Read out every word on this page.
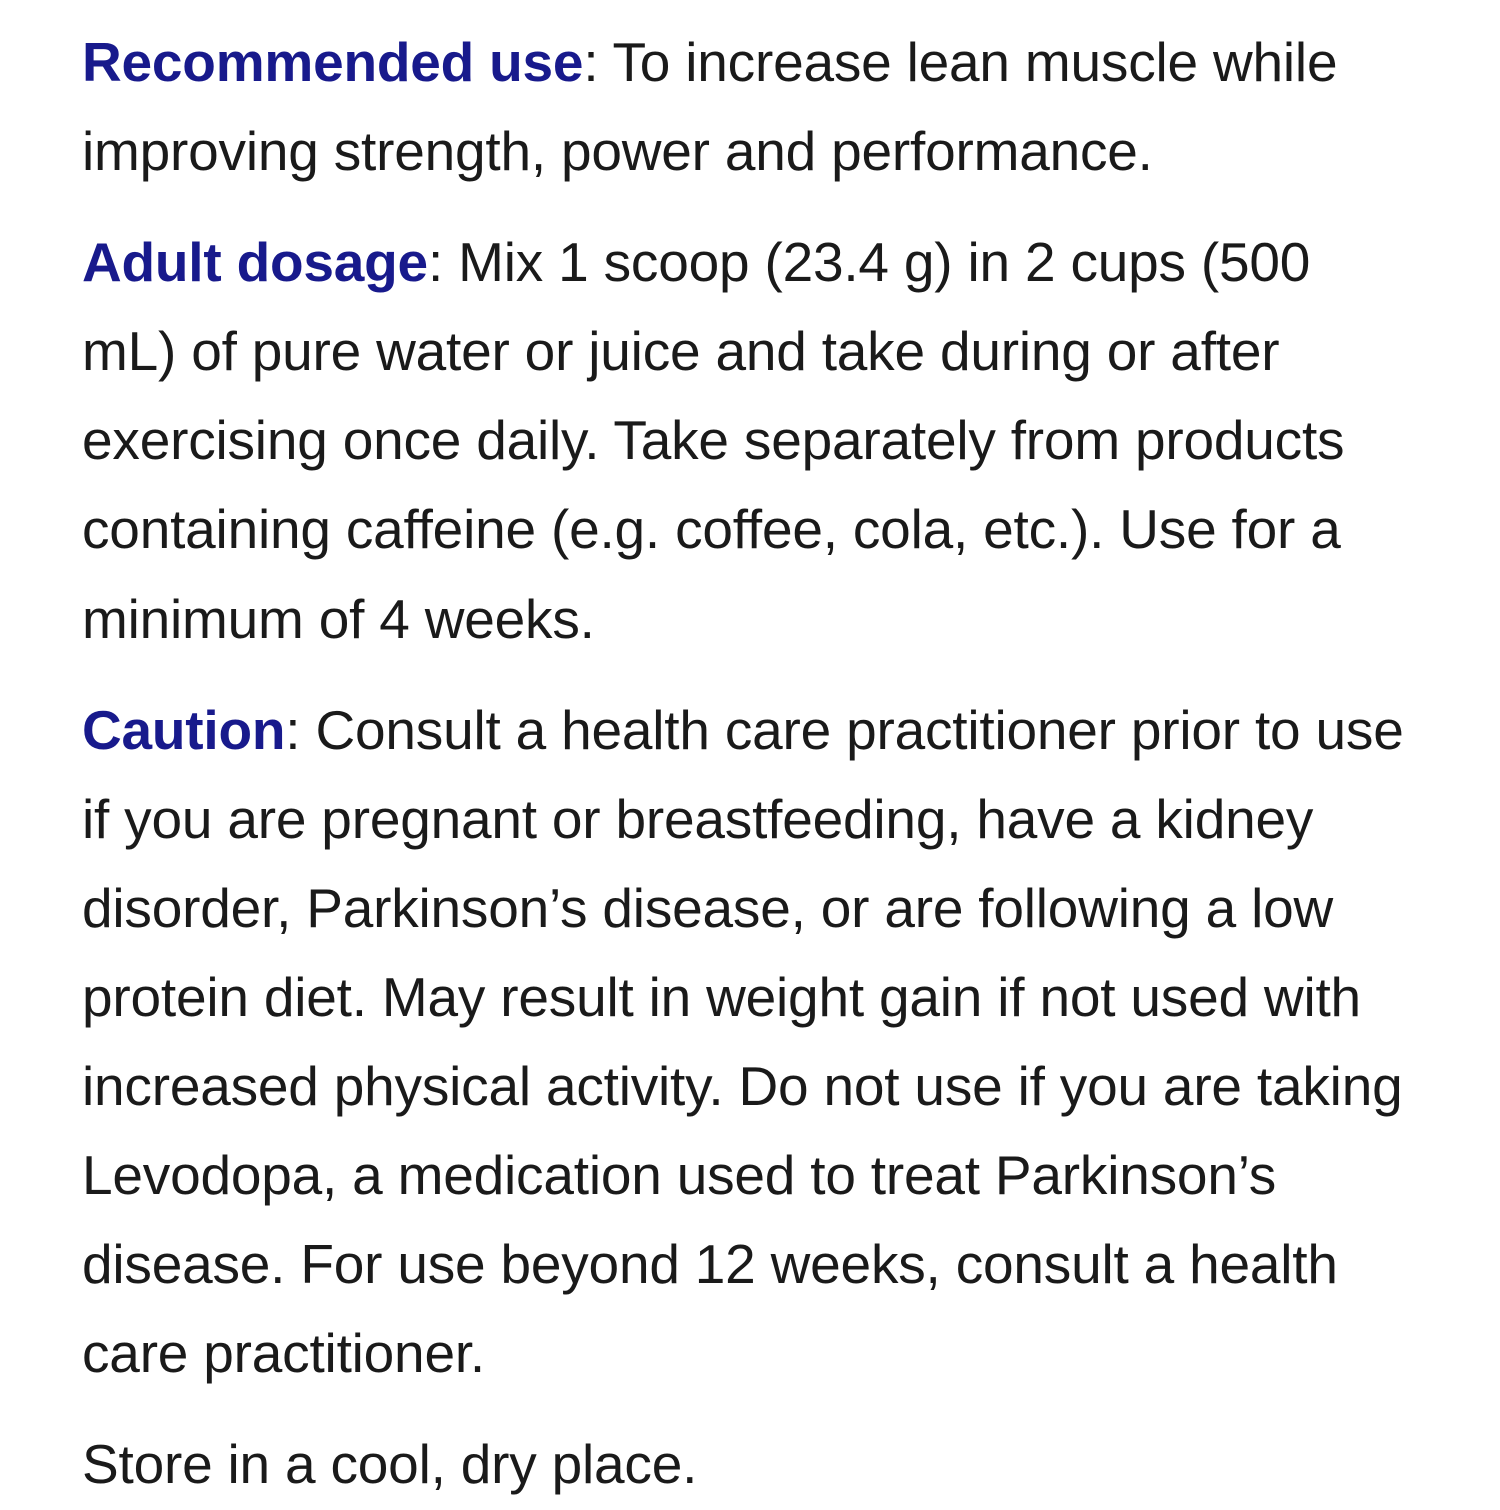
Recommended use: To increase lean muscle while improving strength, power and performance.

Adult dosage: Mix 1 scoop (23.4 g) in 2 cups (500 mL) of pure water or juice and take during or after exercising once daily. Take separately from products containing caffeine (e.g. coffee, cola, etc.). Use for a minimum of 4 weeks.

Caution: Consult a health care practitioner prior to use if you are pregnant or breastfeeding, have a kidney disorder, Parkinson’s disease, or are following a low protein diet. May result in weight gain if not used with increased physical activity. Do not use if you are taking Levodopa, a medication used to treat Parkinson’s disease. For use beyond 12 weeks, consult a health care practitioner.

Store in a cool, dry place.
